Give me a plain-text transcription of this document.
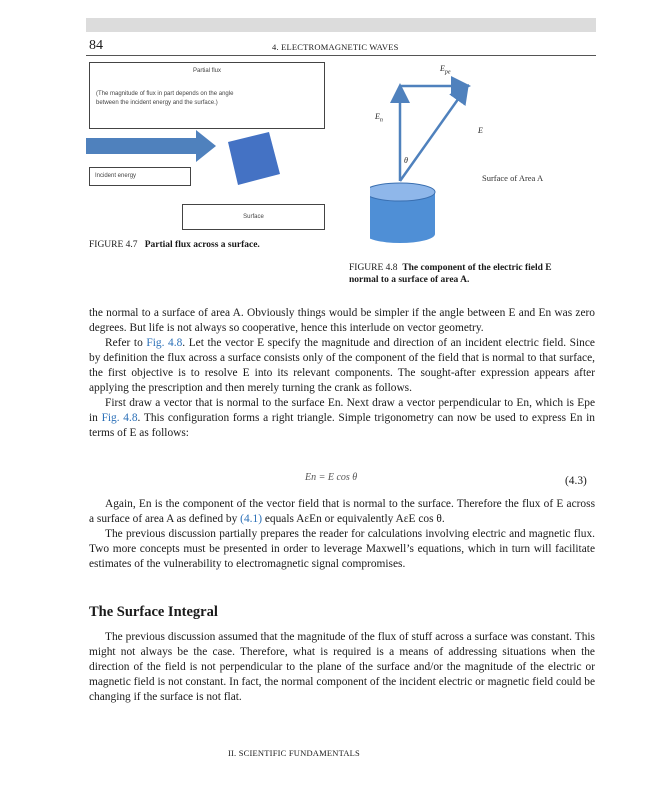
84	4. ELECTROMAGNETIC WAVES
Partial flux
(The magnitude of flux in part depends on the angle
between the incident energy and the surface.)
Incident energy
Surface
FIGURE 4.7 Partial flux across a surface.
$E_{pe}$
$E_n$
E
θ
Surface of Area A
FIGURE 4.8 The component of the electric field E
normal to a surface of area A.

the normal to a surface of area A. Obviously things would be simpler if the angle between E and En was zero degrees. But life is not always so cooperative, hence this interlude on vector geometry.

Refer to Fig. 4.8. Let the vector E specify the magnitude and direction of an incident electric field. Since by definition the flux across a surface consists only of the component of the field that is normal to that surface, the first objective is to resolve E into its relevant components. The sought-after expression appears after applying the prescription and then merely turning the crank as follows.

First draw a vector that is normal to the surface En. Next draw a vector perpendicular to En, which is Epe in Fig. 4.8. This configuration forms a right triangle. Simple trigonometry can now be used to express En in terms of E as follows:

En = E cos θ	(4.3)

Again, En is the component of the vector field that is normal to the surface. Therefore the flux of E across a surface of area A as defined by (4.1) equals AεEn or equivalently AεE cos θ.

The previous discussion partially prepares the reader for calculations involving electric and magnetic flux. Two more concepts must be presented in order to leverage Maxwell’s equations, which in turn will facilitate estimates of the vulnerability to electromagnetic signal compromises.

The Surface Integral

The previous discussion assumed that the magnitude of the flux of stuff across a surface was constant. This might not always be the case. Therefore, what is required is a means of addressing situations when the direction of the field is not perpendicular to the plane of the surface and/or the magnitude of the electric or magnetic field is not constant. In fact, the normal component of the incident electric or magnetic field could be changing if the surface is not flat.

II. SCIENTIFIC FUNDAMENTALS
